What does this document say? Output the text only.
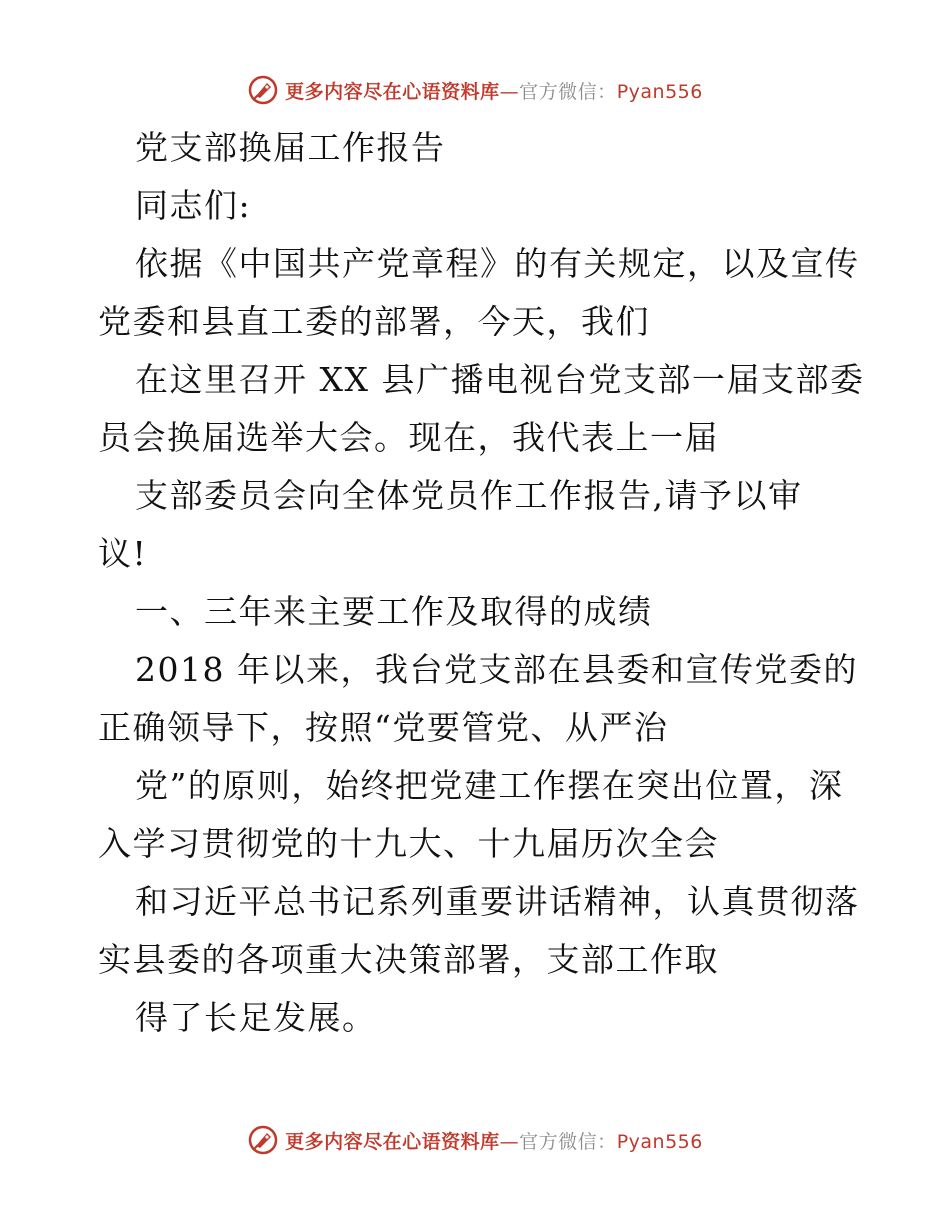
更多内容尽在心语资料库—官方微信：Pyan556
党支部换届工作报告
同志们:
依据《中国共产党章程》的有关规定，以及宣传
党委和县直工委的部署，今天，我们
在这里召开 XX 县广播电视台党支部一届支部委
员会换届选举大会。现在，我代表上一届
支部委员会向全体党员作工作报告,请予以审
议!
一、三年来主要工作及取得的成绩
2018 年以来，我台党支部在县委和宣传党委的
正确领导下，按照“党要管党、从严治
党”的原则，始终把党建工作摆在突出位置，深
入学习贯彻党的十九大、十九届历次全会
和习近平总书记系列重要讲话精神，认真贯彻落
实县委的各项重大决策部署，支部工作取
得了长足发展。
更多内容尽在心语资料库—官方微信：Pyan556
